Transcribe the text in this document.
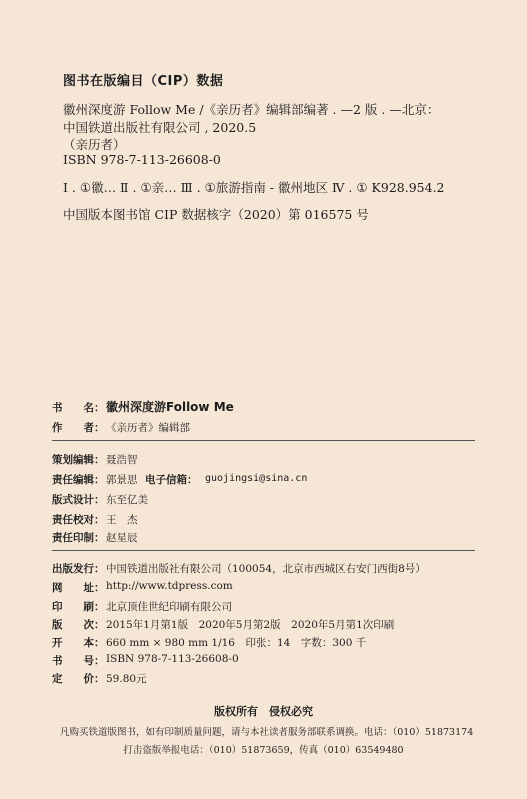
图书在版编目（CIP）数据
徽州深度游 Follow Me /《亲历者》编辑部编著 . —2 版 . —北京：
中国铁道出版社有限公司 , 2020.5
（亲历者）
ISBN 978-7-113-26608-0
Ⅰ . ①徽… Ⅱ . ①亲… Ⅲ . ①旅游指南 - 徽州地区 Ⅳ . ① K928.954.2
中国版本图书馆 CIP 数据核字（2020）第 016575 号
书　　名： 徽州深度游Follow Me
作　　者： 《亲历者》编辑部
策划编辑： 聂浩智
责任编辑： 郭景思 电子信箱： guojingsi@sina.cn
版式设计： 东至亿美
责任校对： 王　杰
责任印制： 赵星辰
出版发行： 中国铁道出版社有限公司（100054，北京市西城区右安门西街8号）
网　　址： http://www.tdpress.com
印　　刷： 北京顶佳世纪印刷有限公司
版　　次： 2015年1月第1版　2020年5月第2版　2020年5月第1次印刷
开　　本： 660 mm × 980 mm 1/16　印张：14　字数：300 千
书　　号： ISBN 978-7-113-26608-0
定　　价： 59.80元
版权所有　侵权必究
凡购买铁道版图书，如有印制质量问题，请与本社读者服务部联系调换。电话：（010）51873174
打击盗版举报电话：（010）51873659，传真（010）63549480
